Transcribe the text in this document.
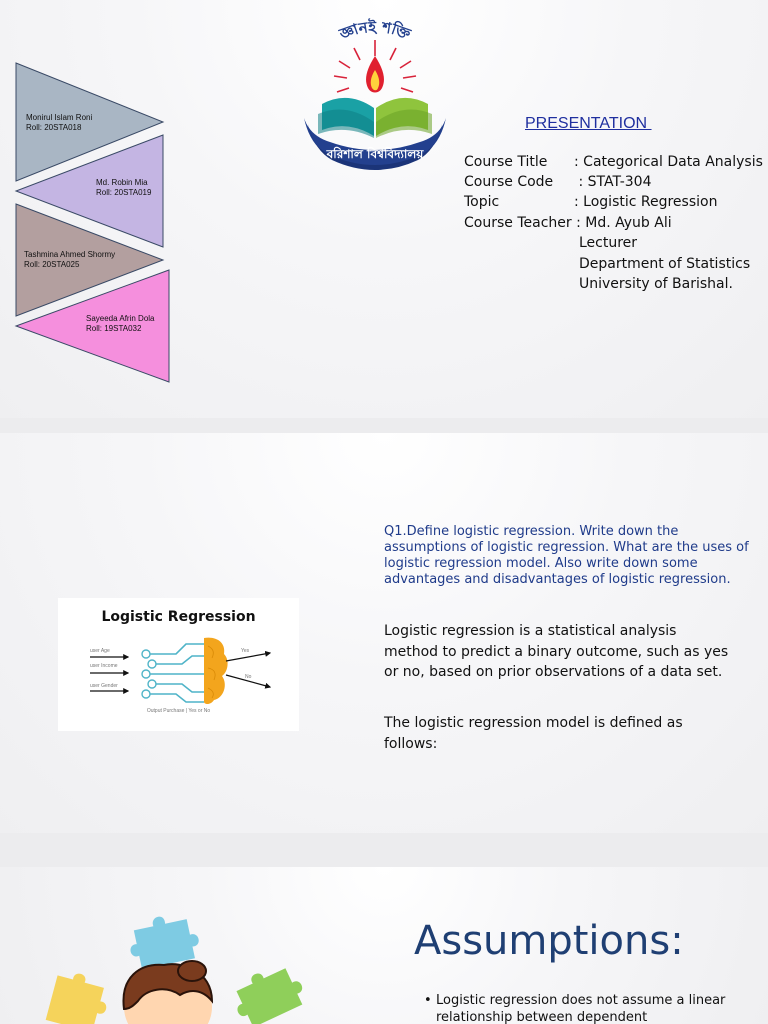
Monirul Islam Roni
Roll: 20STA018
Md. Robin Mia
Roll: 20STA019
Tashmina Ahmed Shormy
Roll: 20STA025
Sayeeda Afrin Dola
Roll: 19STA032
জ্ঞানই শক্তি
বরিশাল বিশ্ববিদ্যালয়
PRESENTATION
Course Title : Categorical Data Analysis
Course Code : STAT-304
Topic	: Logistic Regression
Course Teacher : Md. Ayub Ali
Lecturer
Department of Statistics
University of Barishal.
Logistic Regression
user Age
user Income
user Gender
Yes
No
Output Purchase | Yes or No
Q1.Define logistic regression. Write down the assumptions of logistic regression. What are the uses of logistic regression model. Also write down some advantages and disadvantages of logistic regression.
Logistic regression is a statistical analysis method to predict a binary outcome, such as yes or no, based on prior observations of a data set.
The logistic regression model is defined as follows:
Assumptions:
• Logistic regression does not assume a linear relationship between dependent
